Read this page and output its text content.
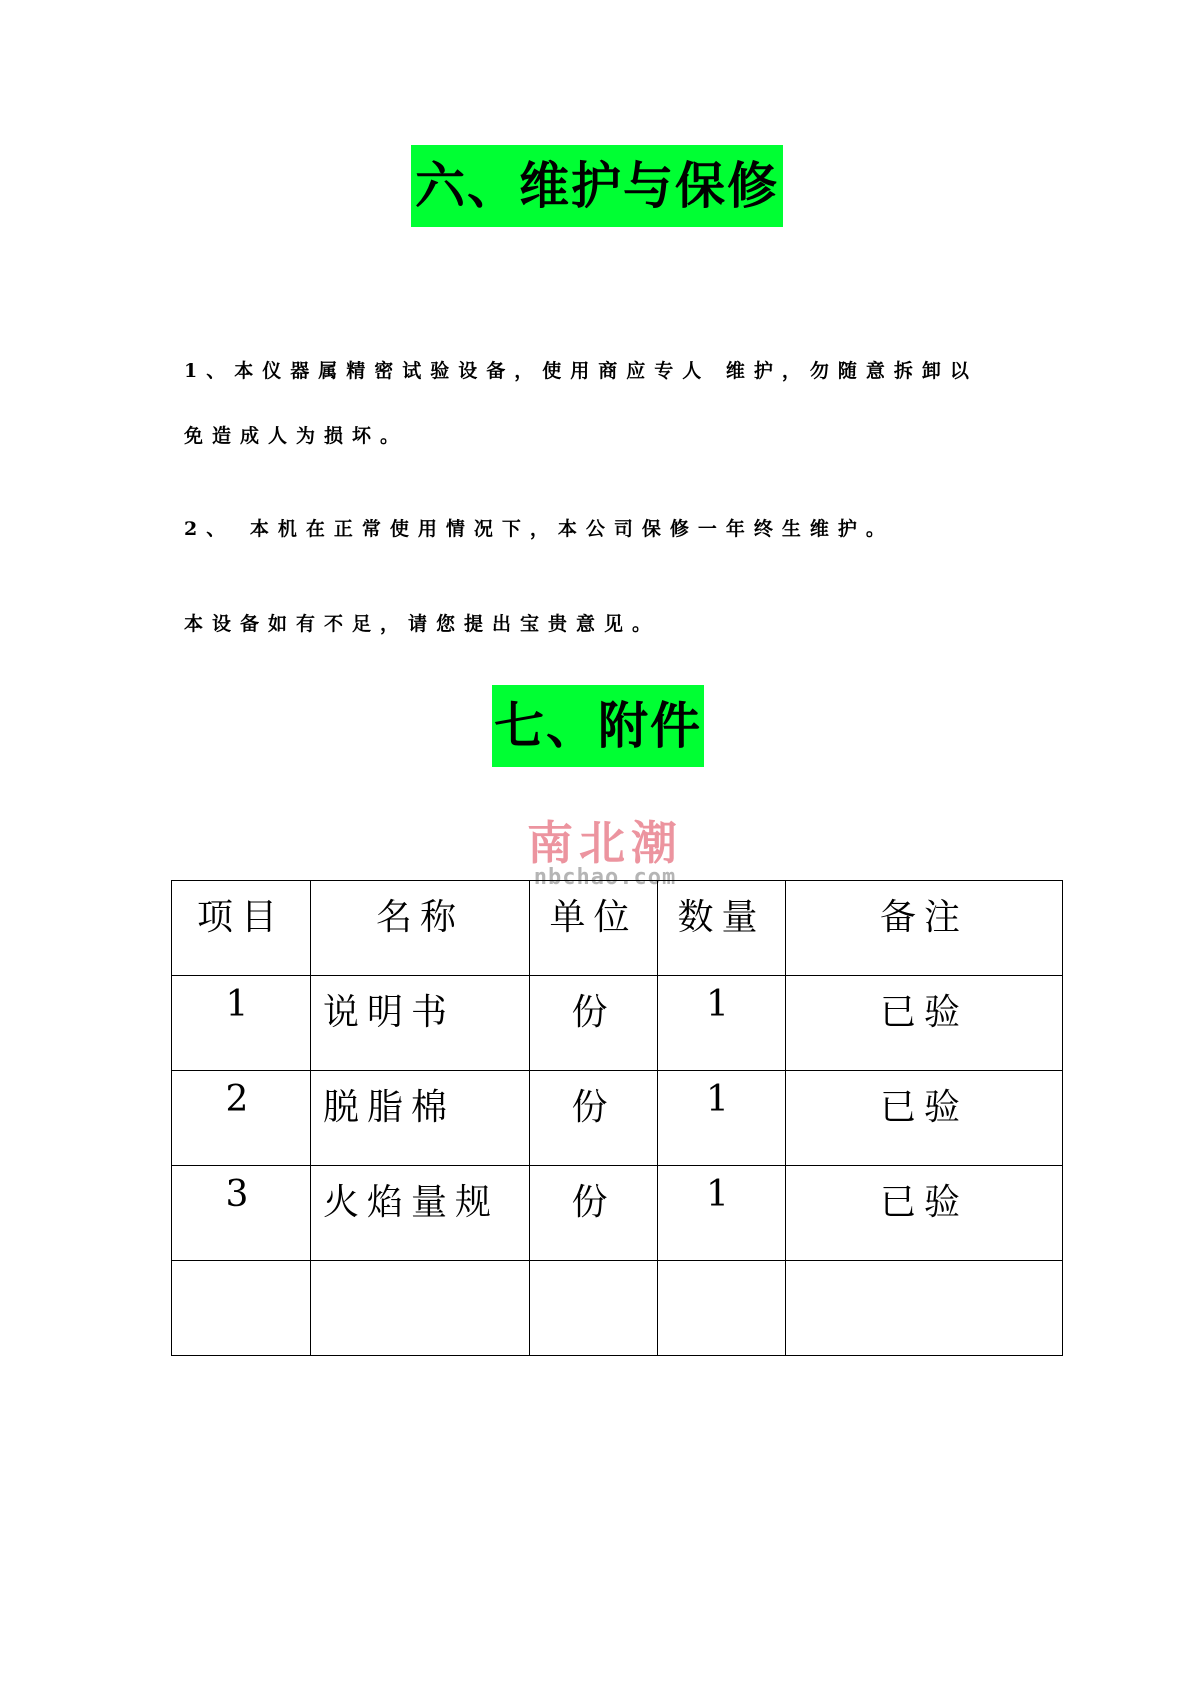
六、维护与保修
1、本仪器属精密试验设备，使用商应专人 维护，勿随意拆卸以
免造成人为损坏。
2、 本机在正常使用情况下，本公司保修一年终生维护。
本设备如有不足，请您提出宝贵意见。
七、附件
南北潮
nbchao.com
项目	名称	单位	数量	备注
1	说明书	份	1	已验
2	脱脂棉	份	1	已验
3	火焰量规	份	1	已验
